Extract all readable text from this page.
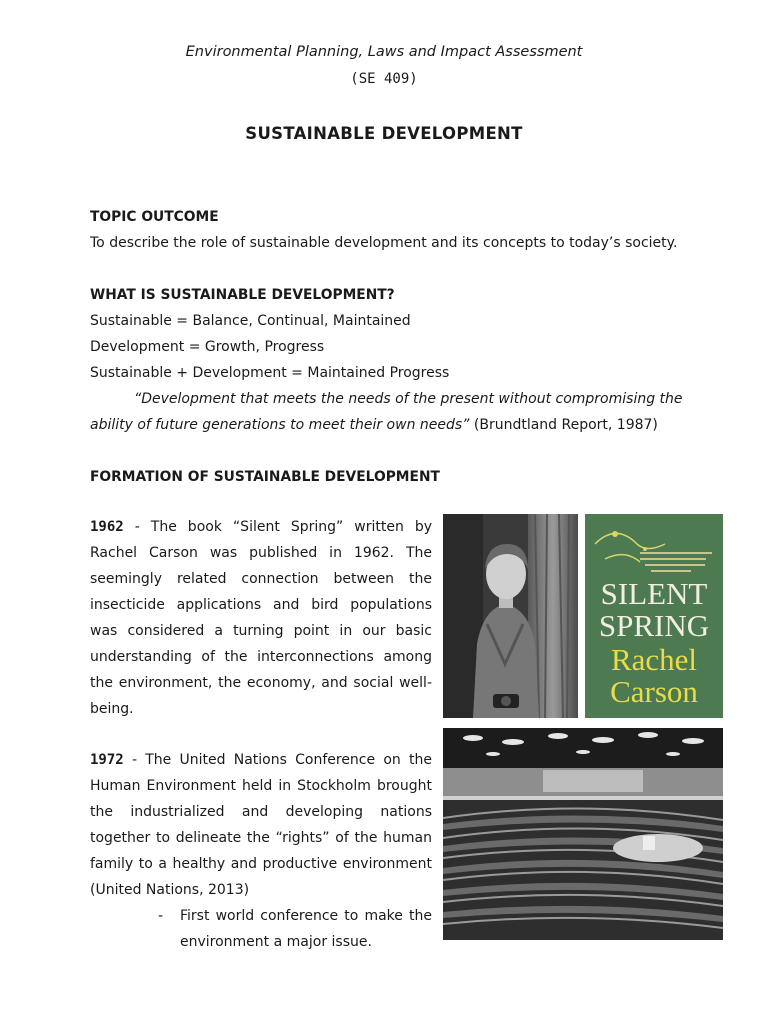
Environmental Planning, Laws and Impact Assessment
(SE 409)
SUSTAINABLE DEVELOPMENT
TOPIC OUTCOME
To describe the role of sustainable development and its concepts to today’s society.
WHAT IS SUSTAINABLE DEVELOPMENT?
Sustainable = Balance, Continual, Maintained
Development = Growth, Progress
Sustainable + Development = Maintained Progress
“Development that meets the needs of the present without compromising the
ability of future generations to meet their own needs” (Brundtland Report, 1987)
FORMATION OF SUSTAINABLE DEVELOPMENT
1962 - The book “Silent Spring” written by Rachel Carson was published in 1962. The seemingly related connection between the insecticide applications and bird populations was considered a turning point in our basic understanding of the interconnections among the environment, the economy, and social well-being.
1972 - The United Nations Conference on the Human Environment held in Stockholm brought the industrialized and developing nations together to delineate the “rights” of the human family to a healthy and productive environment (United Nations, 2013)
- First world conference to make the environment a major issue.
SILENT
SPRING
Rachel
Carson
